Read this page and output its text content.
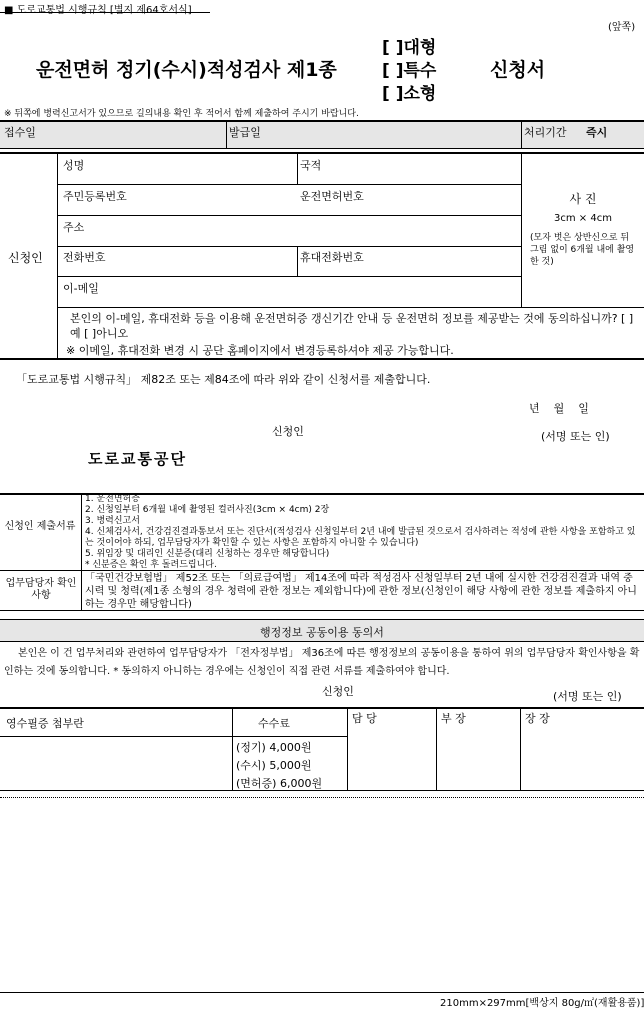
■ 도로교통법 시행규칙 [별지 제64호서식]
(앞쪽)
운전면허 정기(수시)적성검사 제1종
[ ]대형
[ ]특수
[ ]소형
신청서
※ 뒤쪽에 병력신고서가 있으므로 길의내용 확인 후 적어서 함께 제출하여 주시기 바랍니다.
접수일	발급일	처리기간 즉시
신청인
성명	국적
주민등록번호	운전면허번호
주소
전화번호	휴대전화번호
이-메일
사 진
3cm × 4cm
(모자 벗은 상반신으로 뒤 그림 없이 6개월 내에 촬영한 것)
본인의 이-메일, 휴대전화 등을 이용해 운전면허증 갱신기간 안내 등 운전면허 정보를 제공받는 것에 동의하십니까? [ ]예 [ ]아니오
※ 이메일, 휴대전화 변경 시 공단 홈페이지에서 변경등록하셔야 제공 가능합니다.
「도로교통법 시행규칙」 제82조 또는 제84조에 따라 위와 같이 신청서를 제출합니다.
년    월    일
신청인	(서명 또는 인)
도로교통공단
신청인 제출서류
1. 운전면허증
2. 신청일부터 6개월 내에 촬영된 컬러사진(3cm × 4cm) 2장
3. 병력신고서
4. 신체검사서, 건강검진결과통보서 또는 진단서(적성검사 신청일부터 2년 내에 발급된 것으로서 검사하려는 적성에 관한 사항을 포함하고 있는 것이어야 하되, 업무담당자가 확인할 수 있는 사항은 포함하지 아니할 수 있습니다)
5. 위임장 및 대리인 신분증(대리 신청하는 경우만 해당합니다)
* 신분증은 확인 후 돌려드립니다.
업무담당자 확인사항
「국민건강보험법」 제52조 또는 「의료급여법」 제14조에 따라 적성검사 신청일부터 2년 내에 실시한 건강검진결과 내역 중 시력 및 청력(제1종 소형의 경우 청력에 관한 정보는 제외합니다)에 관한 정보(신청인이 해당 사항에 관한 정보를 제출하지 아니하는 경우만 해당합니다)
행정정보 공동이용 동의서
본인은 이 건 업무처리와 관련하여 업무담당자가 「전자정부법」 제36조에 따른 행정정보의 공동이용을 통하여 위의 업무담당자 확인사항을 확인하는 것에 동의합니다. * 동의하지 아니하는 경우에는 신청인이 직접 관련 서류를 제출하여야 합니다.
신청인	(서명 또는 인)
영수필증 첨부란	수수료
(정기) 4,000원
(수시) 5,000원
(면허증) 6,000원
담 당	부 장	장 장
210mm×297mm[백상지 80g/㎡(재활용품)]
